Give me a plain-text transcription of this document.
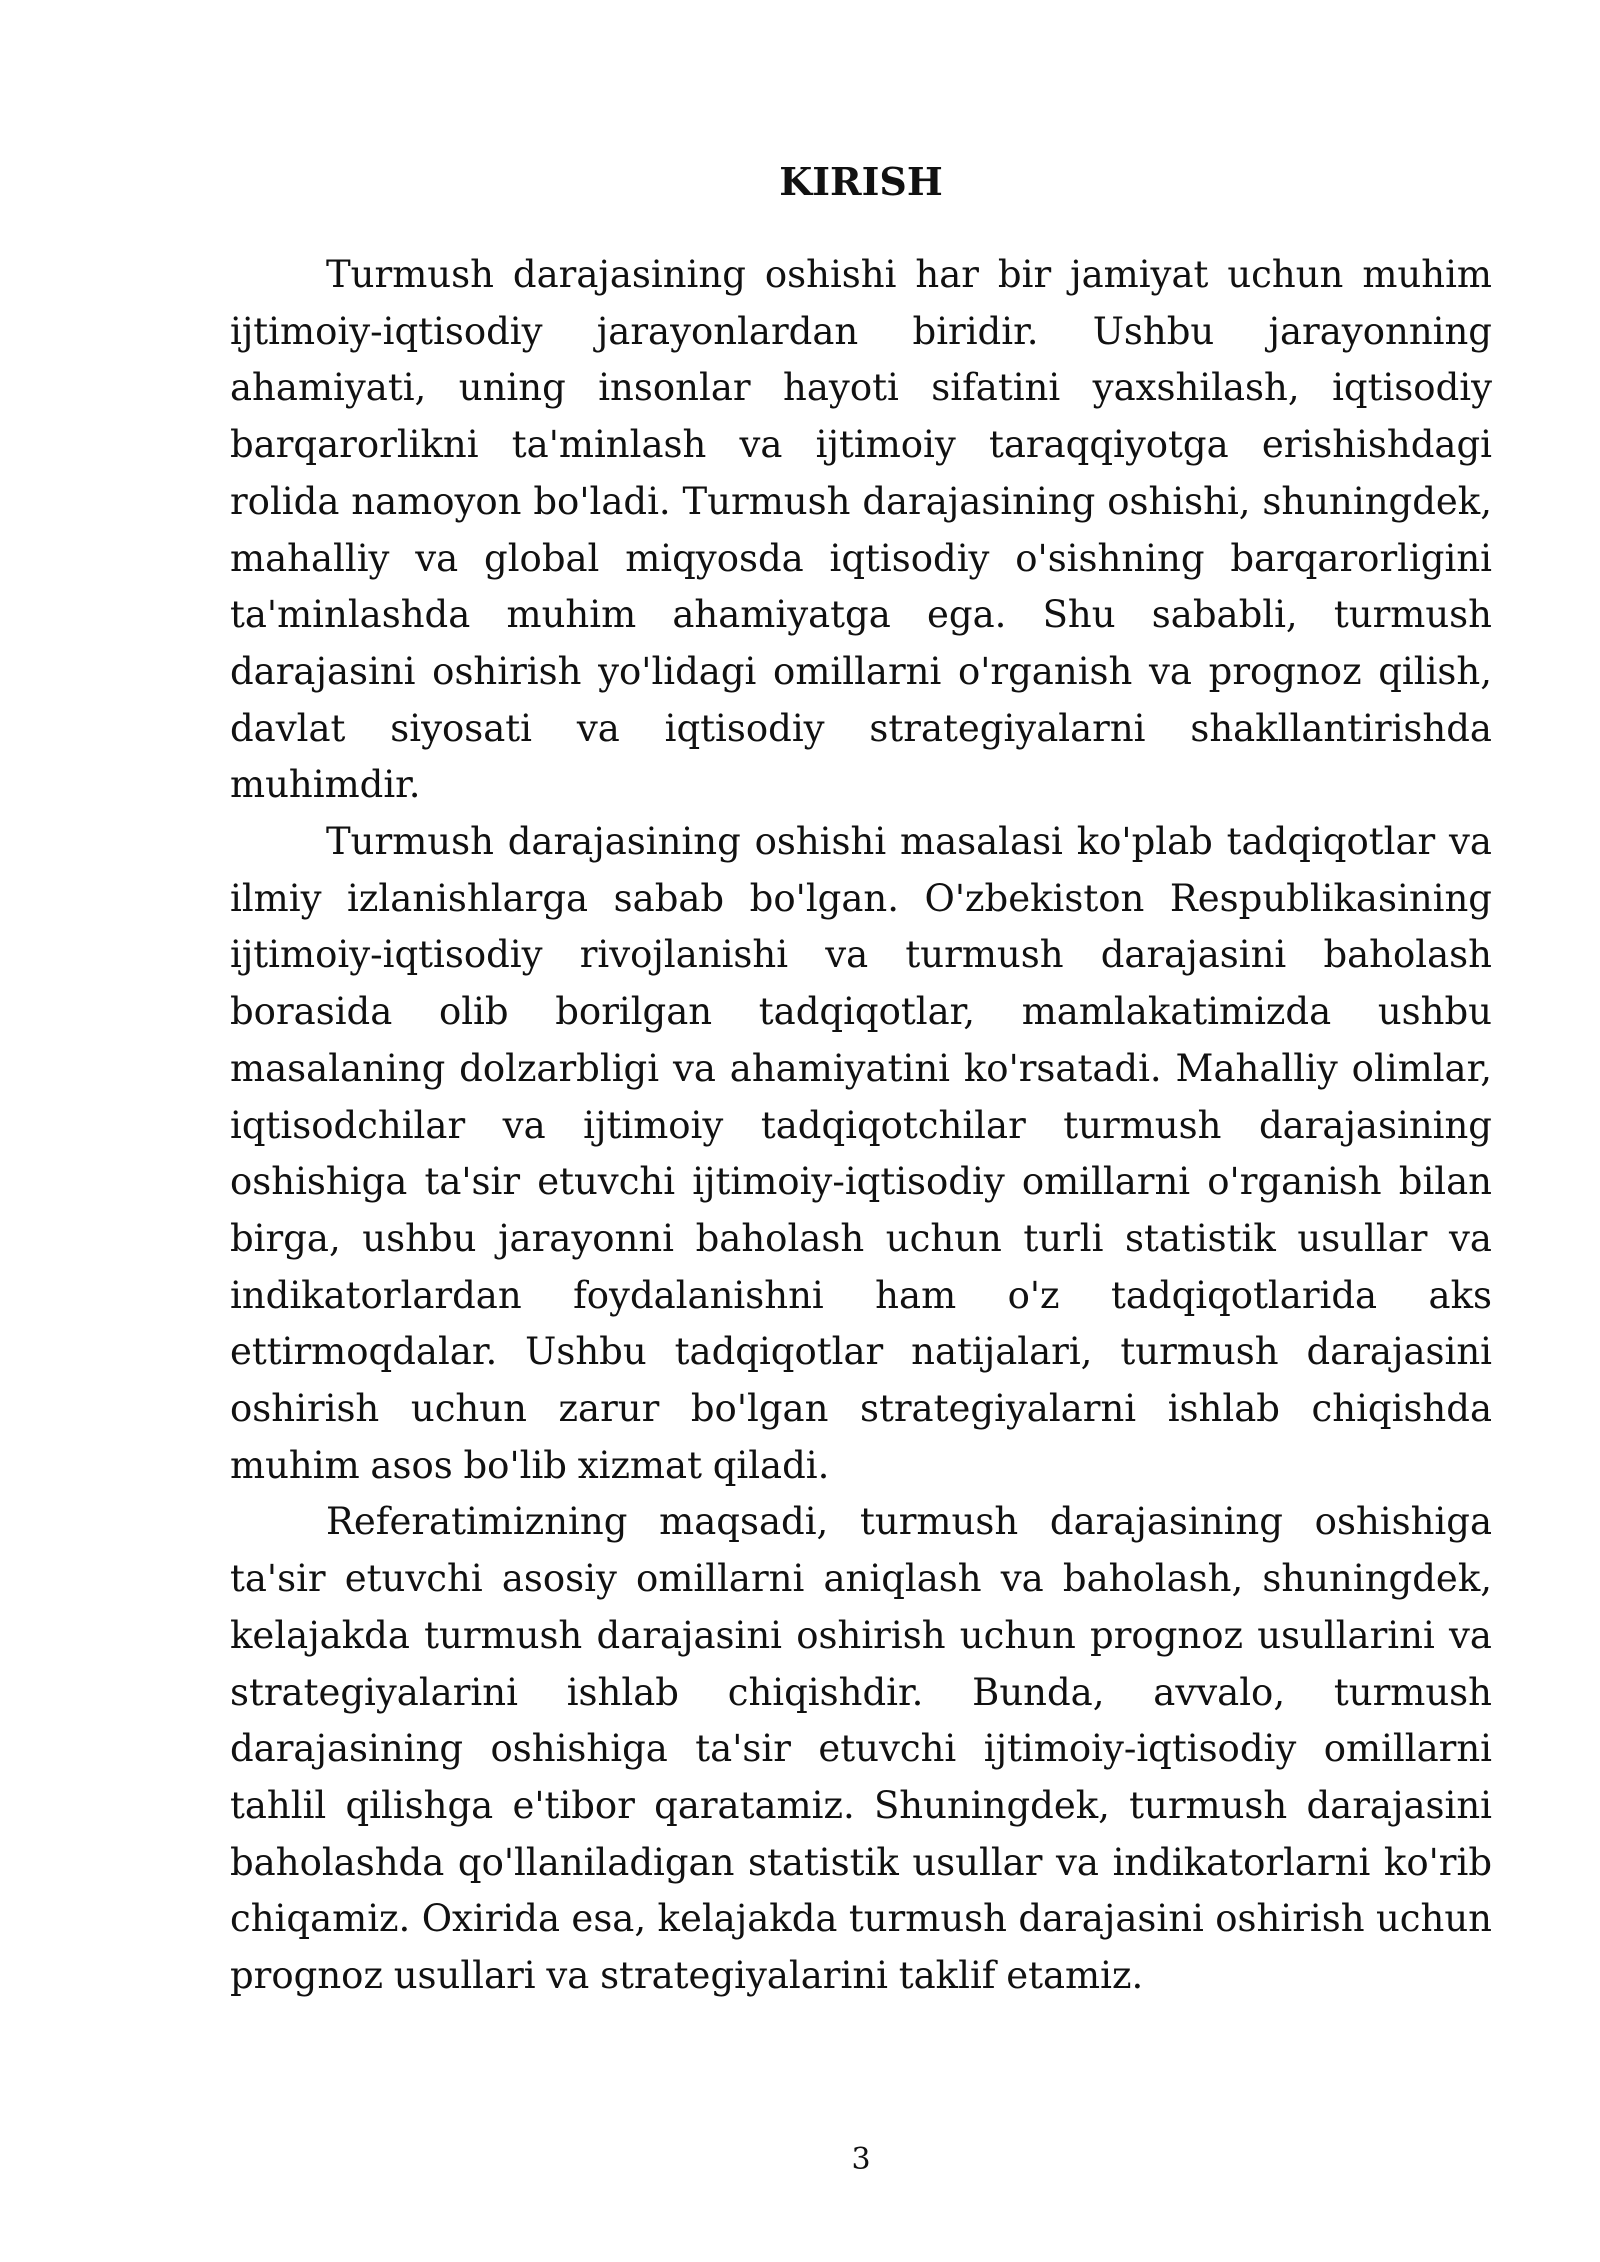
KIRISH

Turmush darajasining oshishi har bir jamiyat uchun muhim ijtimoiy-iqtisodiy jarayonlardan biridir. Ushbu jarayonning ahamiyati, uning insonlar hayoti sifatini yaxshilash, iqtisodiy barqarorlikni ta'minlash va ijtimoiy taraqqiyotga erishishdagi rolida namoyon bo'ladi. Turmush darajasining oshishi, shuningdek, mahalliy va global miqyosda iqtisodiy o'sishning barqarorligini ta'minlashda muhim ahamiyatga ega. Shu sababli, turmush darajasini oshirish yo'lidagi omillarni o'rganish va prognoz qilish, davlat siyosati va iqtisodiy strategiyalarni shakllantirishda muhimdir.

Turmush darajasining oshishi masalasi ko'plab tadqiqotlar va ilmiy izlanishlarga sabab bo'lgan. O'zbekiston Respublikasining ijtimoiy-iqtisodiy rivojlanishi va turmush darajasini baholash borasida olib borilgan tadqiqotlar, mamlakatimizda ushbu masalaning dolzarbligi va ahamiyatini ko'rsatadi. Mahalliy olimlar, iqtisodchilar va ijtimoiy tadqiqotchilar turmush darajasining oshishiga ta'sir etuvchi ijtimoiy-iqtisodiy omillarni o'rganish bilan birga, ushbu jarayonni baholash uchun turli statistik usullar va indikatorlardan foydalanishni ham o'z tadqiqotlarida aks ettirmoqdalar. Ushbu tadqiqotlar natijalari, turmush darajasini oshirish uchun zarur bo'lgan strategiyalarni ishlab chiqishda muhim asos bo'lib xizmat qiladi.

Referatimizning maqsadi, turmush darajasining oshishiga ta'sir etuvchi asosiy omillarni aniqlash va baholash, shuningdek, kelajakda turmush darajasini oshirish uchun prognoz usullarini va strategiyalarini ishlab chiqishdir. Bunda, avvalo, turmush darajasining oshishiga ta'sir etuvchi ijtimoiy-iqtisodiy omillarni tahlil qilishga e'tibor qaratamiz. Shuningdek, turmush darajasini baholashda qo'llaniladigan statistik usullar va indikatorlarni ko'rib chiqamiz. Oxirida esa, kelajakda turmush darajasini oshirish uchun prognoz usullari va strategiyalarini taklif etamiz.

3
